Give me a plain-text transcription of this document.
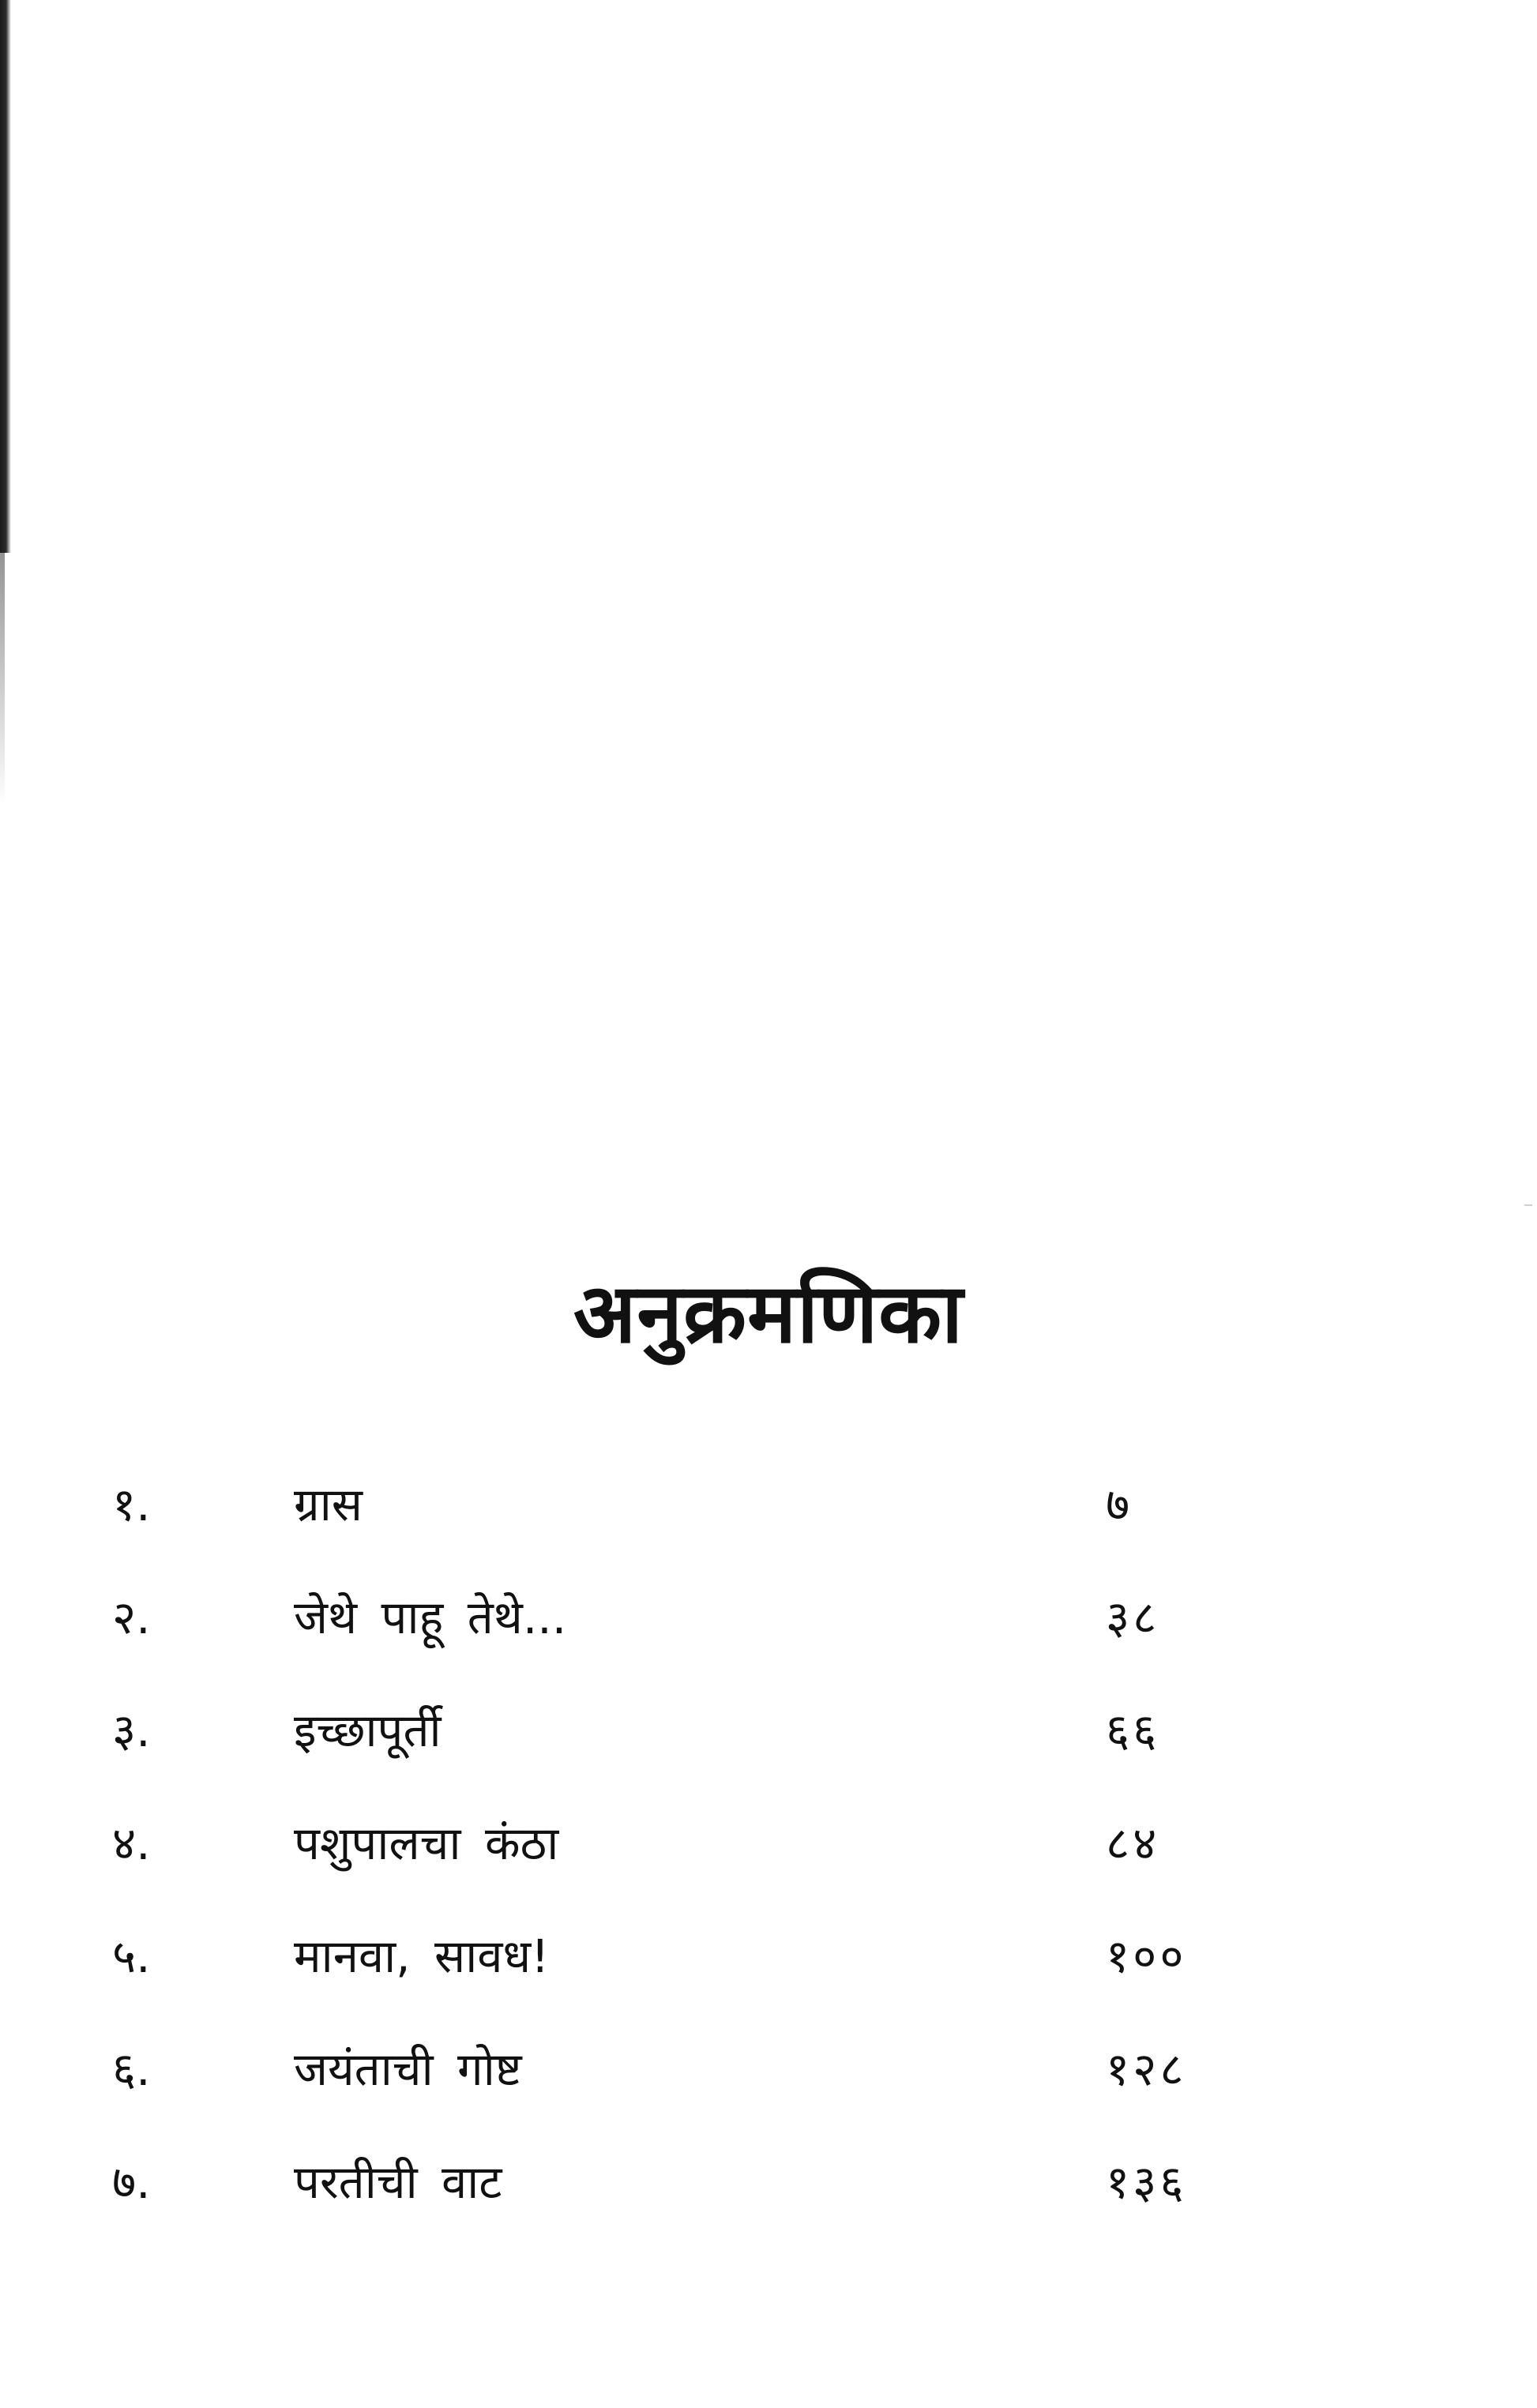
अनुक्रमणिका
१.	ग्रास	७
२.	जेथे पाहू तेथे...	३८
३.	इच्छापूर्ती	६६
४.	पशुपालचा कंठा	८४
५.	मानवा, सावध!	१००
६.	जयंताची गोष्ट	१२८
७.	परतीची वाट	१३६
